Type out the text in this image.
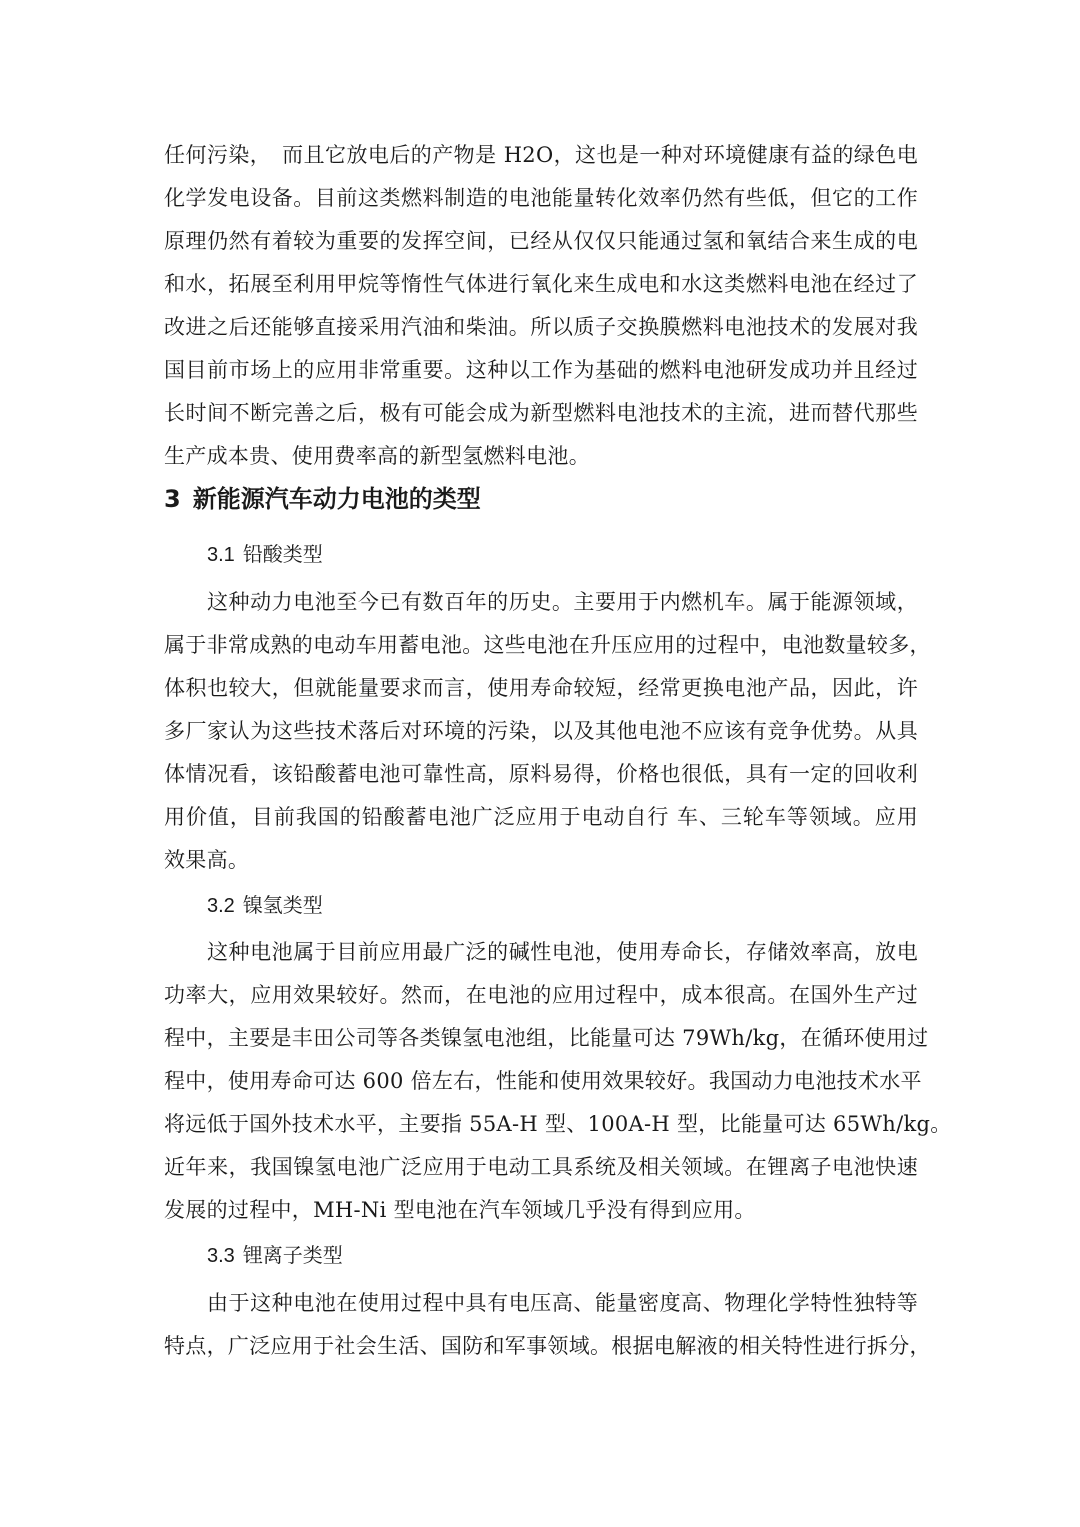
任何污染，　而且它放电后的产物是 H2O，这也是一种对环境健康有益的绿色电
化学发电设备。目前这类燃料制造的电池能量转化效率仍然有些低，但它的工作
原理仍然有着较为重要的发挥空间，已经从仅仅只能通过氢和氧结合来生成的电
和水，拓展至利用甲烷等惰性气体进行氧化来生成电和水这类燃料电池在经过了
改进之后还能够直接采用汽油和柴油。所以质子交换膜燃料电池技术的发展对我
国目前市场上的应用非常重要。这种以工作为基础的燃料电池研发成功并且经过
长时间不断完善之后，极有可能会成为新型燃料电池技术的主流，进而替代那些
生产成本贵、使用费率高的新型氢燃料电池。
3 新能源汽车动力电池的类型
3.1 铅酸类型
这种动力电池至今已有数百年的历史。主要用于内燃机车。属于能源领域，
属于非常成熟的电动车用蓄电池。这些电池在升压应用的过程中，电池数量较多，
体积也较大，但就能量要求而言，使用寿命较短，经常更换电池产品，因此，许
多厂家认为这些技术落后对环境的污染，以及其他电池不应该有竞争优势。从具
体情况看，该铅酸蓄电池可靠性高，原料易得，价格也很低，具有一定的回收利
用价值，目前我国的铅酸蓄电池广泛应用于电动自行 车、三轮车等领域。应用
效果高。
3.2 镍氢类型
这种电池属于目前应用最广泛的碱性电池，使用寿命长，存储效率高，放电
功率大，应用效果较好。然而，在电池的应用过程中，成本很高。在国外生产过
程中，主要是丰田公司等各类镍氢电池组，比能量可达 79Wh/kg，在循环使用过
程中，使用寿命可达 600 倍左右，性能和使用效果较好。我国动力电池技术水平
将远低于国外技术水平，主要指 55A-H 型、100A-H 型，比能量可达 65Wh/kg。
近年来，我国镍氢电池广泛应用于电动工具系统及相关领域。在锂离子电池快速
发展的过程中，MH-Ni 型电池在汽车领域几乎没有得到应用。
3.3 锂离子类型
由于这种电池在使用过程中具有电压高、能量密度高、物理化学特性独特等
特点，广泛应用于社会生活、国防和军事领域。根据电解液的相关特性进行拆分，
